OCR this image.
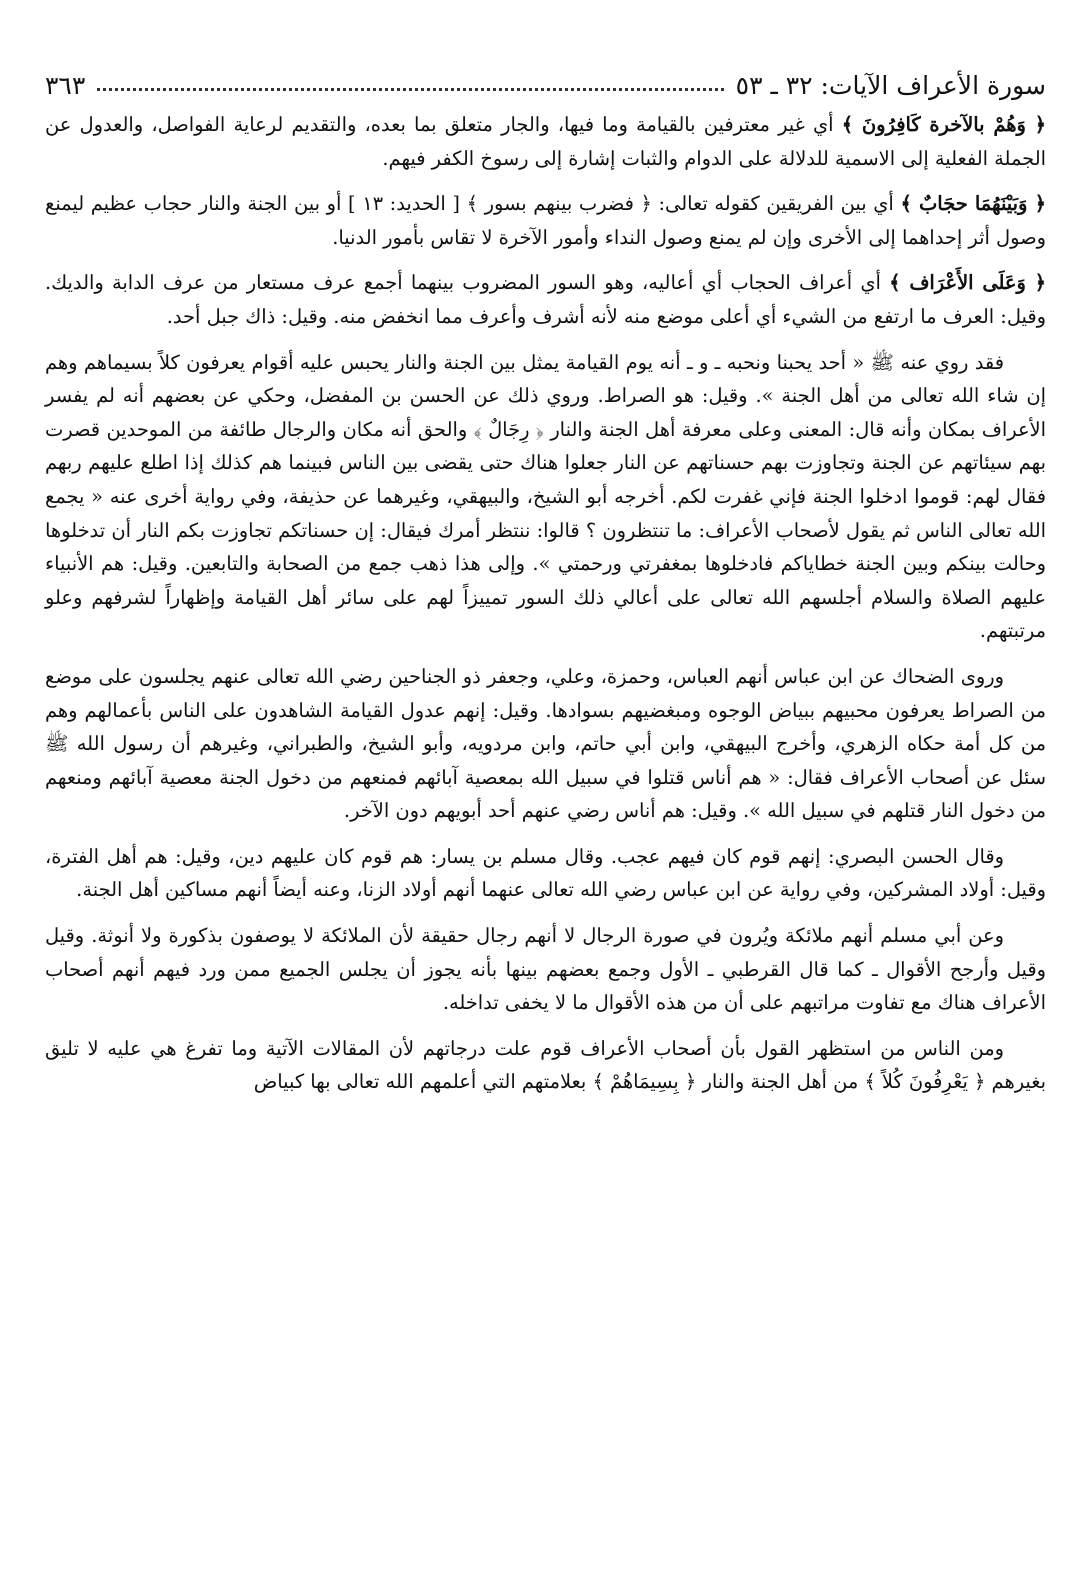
سورة الأعراف الآيات: ٣٢ ـ ٥٣
٣٦٣

﴿ وَهُمْ بالآخرة كَافِرُونَ ﴾ أي غير معترفين بالقيامة وما فيها، والجار متعلق بما بعده، والتقديم لرعاية الفواصل، والعدول عن الجملة الفعلية إلى الاسمية للدلالة على الدوام والثبات إشارة إلى رسوخ الكفر فيهم.

﴿ وَبَيْنَهُمَا حجَابٌ ﴾ أي بين الفريقين كقوله تعالى: ﴿ فضرب بينهم بسور ﴾ [ الحديد: ١٣ ] أو بين الجنة والنار حجاب عظيم ليمنع وصول أثر إحداهما إلى الأخرى وإن لم يمنع وصول النداء وأمور الآخرة لا تقاس بأمور الدنيا.

﴿ وَعَلَى الأَعْرَاف ﴾ أي أعراف الحجاب أي أعاليه، وهو السور المضروب بينهما أجمع عرف مستعار من عرف الدابة والديك. وقيل: العرف ما ارتفع من الشيء أي أعلى موضع منه لأنه أشرف وأعرف مما انخفض منه. وقيل: ذاك جبل أحد.

فقد روي عنه ﷺ « أحد يحبنا ونحبه ـ و ـ أنه يوم القيامة يمثل بين الجنة والنار يحبس عليه أقوام يعرفون كلاً بسيماهم وهم إن شاء الله تعالى من أهل الجنة ». وقيل: هو الصراط. وروي ذلك عن الحسن بن المفضل، وحكي عن بعضهم أنه لم يفسر الأعراف بمكان وأنه قال: المعنى وعلى معرفة أهل الجنة والنار ﴿ رِجَالٌ ﴾ والحق أنه مكان والرجال طائفة من الموحدين قصرت بهم سيئاتهم عن الجنة وتجاوزت بهم حسناتهم عن النار جعلوا هناك حتى يقضى بين الناس فبينما هم كذلك إذا اطلع عليهم ربهم فقال لهم: قوموا ادخلوا الجنة فإني غفرت لكم. أخرجه أبو الشيخ، والبيهقي، وغيرهما عن حذيفة، وفي رواية أخرى عنه « يجمع الله تعالى الناس ثم يقول لأصحاب الأعراف: ما تنتظرون ؟ قالوا: ننتظر أمرك فيقال: إن حسناتكم تجاوزت بكم النار أن تدخلوها وحالت بينكم وبين الجنة خطاياكم فادخلوها بمغفرتي ورحمتي ». وإلى هذا ذهب جمع من الصحابة والتابعين. وقيل: هم الأنبياء عليهم الصلاة والسلام أجلسهم الله تعالى على أعالي ذلك السور تمييزاً لهم على سائر أهل القيامة وإظهاراً لشرفهم وعلو مرتبتهم.

وروى الضحاك عن ابن عباس أنهم العباس، وحمزة، وعلي، وجعفر ذو الجناحين رضي الله تعالى عنهم يجلسون على موضع من الصراط يعرفون محبيهم ببياض الوجوه ومبغضيهم بسوادها. وقيل: إنهم عدول القيامة الشاهدون على الناس بأعمالهم وهم من كل أمة حكاه الزهري، وأخرج البيهقي، وابن أبي حاتم، وابن مردويه، وأبو الشيخ، والطبراني، وغيرهم أن رسول الله ﷺ سئل عن أصحاب الأعراف فقال: « هم أناس قتلوا في سبيل الله بمعصية آبائهم فمنعهم من دخول الجنة معصية آبائهم ومنعهم من دخول النار قتلهم في سبيل الله ». وقيل: هم أناس رضي عنهم أحد أبويهم دون الآخر.

وقال الحسن البصري: إنهم قوم كان فيهم عجب. وقال مسلم بن يسار: هم قوم كان عليهم دين، وقيل: هم أهل الفترة، وقيل: أولاد المشركين، وفي رواية عن ابن عباس رضي الله تعالى عنهما أنهم أولاد الزنا، وعنه أيضاً أنهم مساكين أهل الجنة.

وعن أبي مسلم أنهم ملائكة ويُرون في صورة الرجال لا أنهم رجال حقيقة لأن الملائكة لا يوصفون بذكورة ولا أنوثة. وقيل وقيل وأرجح الأقوال ـ كما قال القرطبي ـ الأول وجمع بعضهم بينها بأنه يجوز أن يجلس الجميع ممن ورد فيهم أنهم أصحاب الأعراف هناك مع تفاوت مراتبهم على أن من هذه الأقوال ما لا يخفى تداخله.

ومن الناس من استظهر القول بأن أصحاب الأعراف قوم علت درجاتهم لأن المقالات الآتية وما تفرغ هي عليه لا تليق بغيرهم ﴿ يَعْرِفُونَ كُلاً ﴾ من أهل الجنة والنار ﴿ بِسِيمَاهُمْ ﴾ بعلامتهم التي أعلمهم الله تعالى بها كبياض
